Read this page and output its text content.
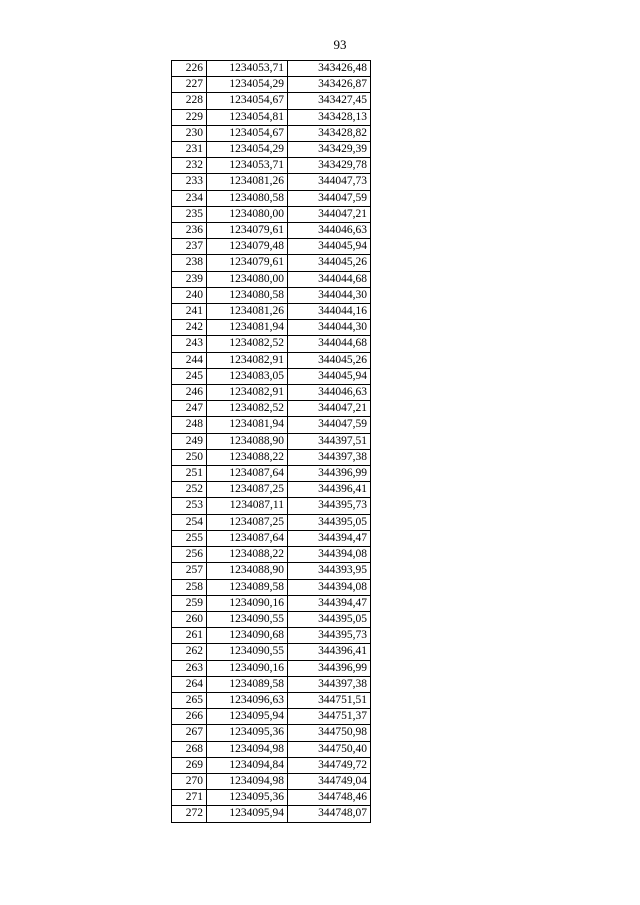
93
226	1234053,71	343426,48
227	1234054,29	343426,87
228	1234054,67	343427,45
229	1234054,81	343428,13
230	1234054,67	343428,82
231	1234054,29	343429,39
232	1234053,71	343429,78
233	1234081,26	344047,73
234	1234080,58	344047,59
235	1234080,00	344047,21
236	1234079,61	344046,63
237	1234079,48	344045,94
238	1234079,61	344045,26
239	1234080,00	344044,68
240	1234080,58	344044,30
241	1234081,26	344044,16
242	1234081,94	344044,30
243	1234082,52	344044,68
244	1234082,91	344045,26
245	1234083,05	344045,94
246	1234082,91	344046,63
247	1234082,52	344047,21
248	1234081,94	344047,59
249	1234088,90	344397,51
250	1234088,22	344397,38
251	1234087,64	344396,99
252	1234087,25	344396,41
253	1234087,11	344395,73
254	1234087,25	344395,05
255	1234087,64	344394,47
256	1234088,22	344394,08
257	1234088,90	344393,95
258	1234089,58	344394,08
259	1234090,16	344394,47
260	1234090,55	344395,05
261	1234090,68	344395,73
262	1234090,55	344396,41
263	1234090,16	344396,99
264	1234089,58	344397,38
265	1234096,63	344751,51
266	1234095,94	344751,37
267	1234095,36	344750,98
268	1234094,98	344750,40
269	1234094,84	344749,72
270	1234094,98	344749,04
271	1234095,36	344748,46
272	1234095,94	344748,07
